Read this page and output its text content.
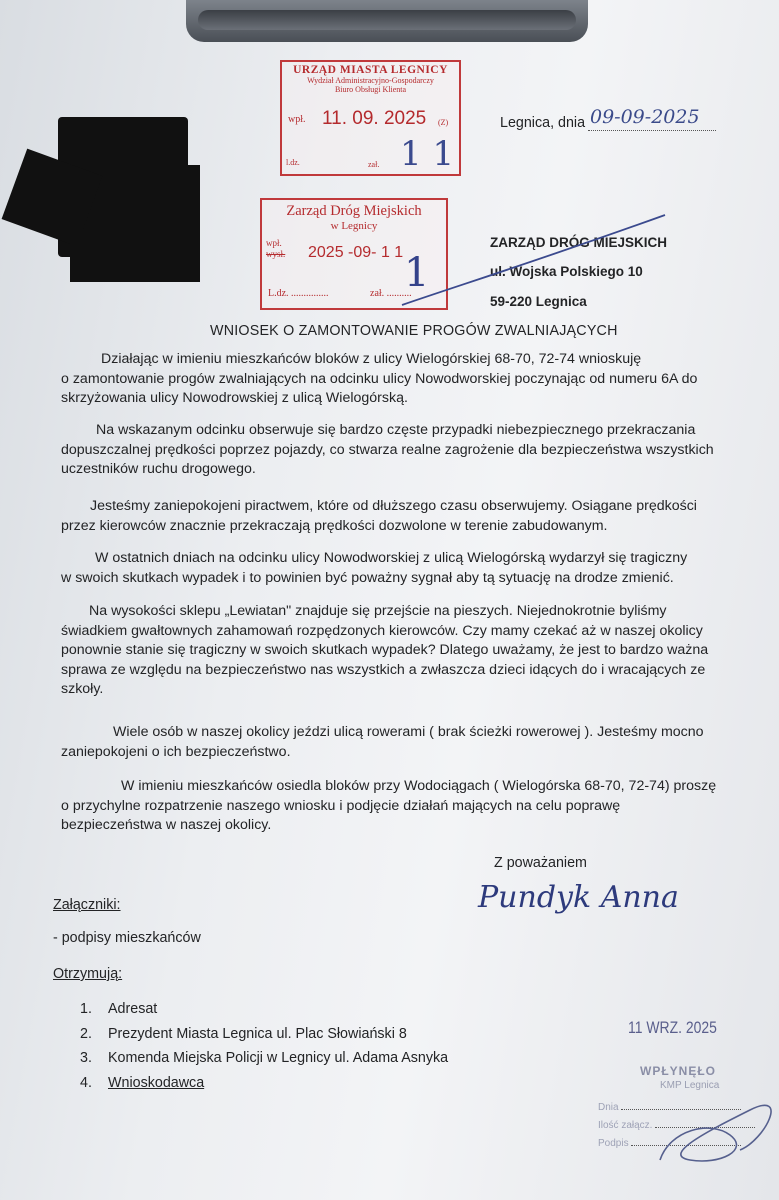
URZĄD MIASTA LEGNICY
Wydział Administracyjno-Gospodarczy
Biuro Obsługi Klienta
wpł. 11. 09. 2025 (Z)
l.dz.	zał. 1 1
Zarząd Dróg Miejskich
w Legnicy
wpł.
wysł. 2025 -09- 1 1
L.dz. ...............	zał. ..........
1
Legnica, dnia 09-09-2025
ZARZĄD DRÓG MIEJSKICH
ul. Wojska Polskiego 10
59-220 Legnica
WNIOSEK O ZAMONTOWANIE PROGÓW ZWALNIAJĄCYCH
Działając w imieniu mieszkańców bloków z ulicy Wielogórskiej 68-70, 72-74 wnioskuję
o zamontowanie progów zwalniających na odcinku ulicy Nowodworskiej poczynając od numeru 6A do
skrzyżowania ulicy Nowodrowskiej z ulicą Wielogórską.
Na wskazanym odcinku obserwuje się bardzo częste przypadki niebezpiecznego przekraczania
dopuszczalnej prędkości poprzez pojazdy, co stwarza realne zagrożenie dla bezpieczeństwa wszystkich
uczestników ruchu drogowego.
Jesteśmy zaniepokojeni piractwem, które od dłuższego czasu obserwujemy. Osiągane prędkości
przez kierowców znacznie przekraczają prędkości dozwolone w terenie zabudowanym.
W ostatnich dniach na odcinku ulicy Nowodworskiej z ulicą Wielogórską wydarzył się tragiczny
w swoich skutkach wypadek i to powinien być poważny sygnał aby tą sytuację na drodze zmienić.
Na wysokości sklepu „Lewiatan" znajduje się przejście na pieszych. Niejednokrotnie byliśmy
świadkiem gwałtownych zahamowań rozpędzonych kierowców. Czy mamy czekać aż w naszej okolicy
ponownie stanie się tragiczny w swoich skutkach wypadek? Dlatego uważamy, że jest to bardzo ważna
sprawa ze względu na bezpieczeństwo nas wszystkich a zwłaszcza dzieci idących do i wracających ze
szkoły.
Wiele osób w naszej okolicy jeździ ulicą rowerami ( brak ścieżki rowerowej ). Jesteśmy mocno
zaniepokojeni o ich bezpieczeństwo.
W imieniu mieszkańców osiedla bloków przy Wodociągach ( Wielogórska 68-70, 72-74) proszę
o przychylne rozpatrzenie naszego wniosku i podjęcie działań mających na celu poprawę
bezpieczeństwa w naszej okolicy.
Z poważaniem
Pundyk Anna
Załączniki:
- podpisy mieszkańców
Otrzymują:
1. Adresat
2. Prezydent Miasta Legnica ul. Plac Słowiański 8
3. Komenda Miejska Policji w Legnicy ul. Adama Asnyka
4. Wnioskodawca
11 WRZ. 2025
WPŁYNĘŁO
KMP Legnica
Dnia
Ilość załącz.
Podpis
